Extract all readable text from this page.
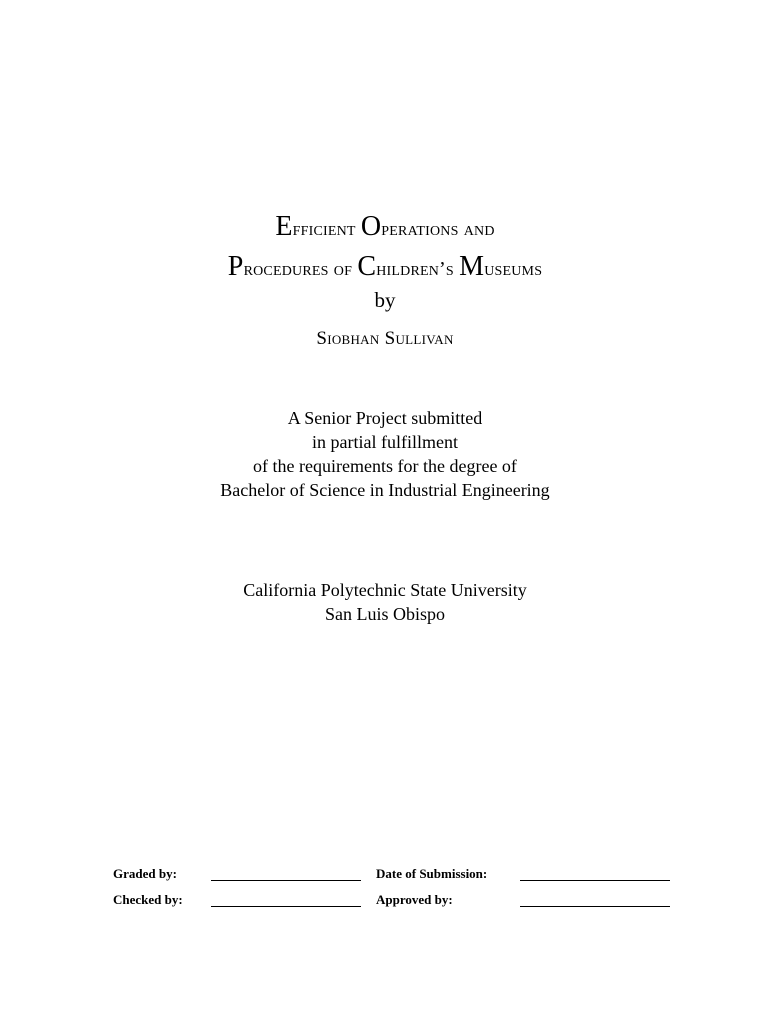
Efficient Operations and
Procedures of Children’s Museums
by
Siobhan Sullivan
A Senior Project submitted
in partial fulfillment
of the requirements for the degree of
Bachelor of Science in Industrial Engineering
California Polytechnic State University
San Luis Obispo
Graded by:	Date of Submission:
Checked by:	Approved by:
